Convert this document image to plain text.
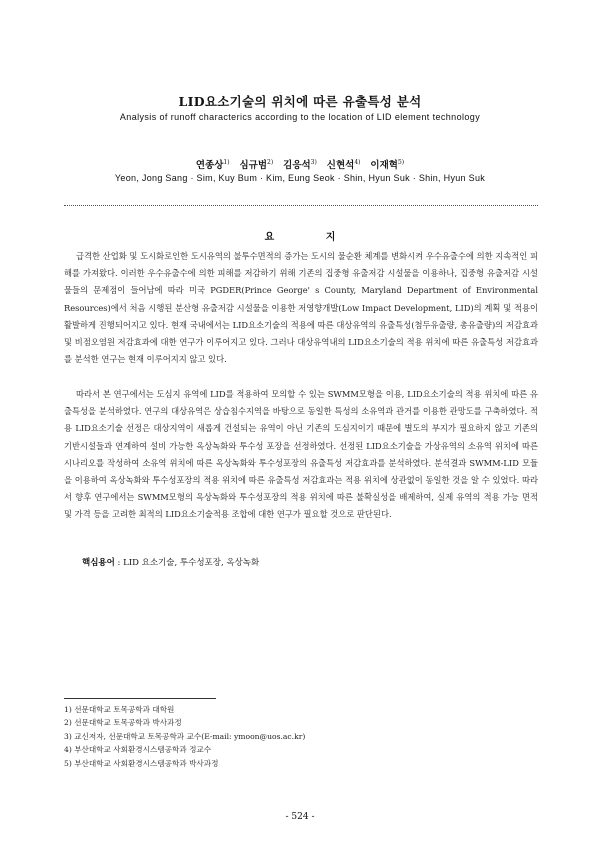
LID요소기술의 위치에 따른 유출특성 분석
Analysis of runoff characterics according to the location of LID element technology
연종상$^{1)}$ 심규범$^{2)}$ 김응석$^{3)}$ 신현석$^{4)}$ 이재혁$^{5)}$
Yeon, Jong Sang · Sim, Kuy Bum · Kim, Eung Seok · Shin, Hyun Suk · Shin, Hyun Suk
요 지
급격한 산업화 및 도시화로인한 도시유역의 불투수면적의 증가는 도시의 물순환 체계를 변화시켜 우수유출수에 의한 지속적인 피해를 가져왔다. 이러한 우수유출수에 의한 피해를 저감하기 위해 기존의 집중형 유출저감 시설물을 이용하나, 집중형 유출저감 시설물들의 문제점이 들어남에 따라 미국 PGDER(Prince George' s County, Maryland Department of Environmental Resources)에서 처음 시행된 분산형 유출저감 시설물을 이용한 저영향개발(Low Impact Development, LID)의 계획 및 적용이 활발하게 진행되어지고 있다. 현재 국내에서는 LID요소기술의 적용에 따른 대상유역의 유출특성(첨두유출량, 총유출량)의 저감효과 및 비점오염원 저감효과에 대한 연구가 이루어지고 있다. 그러나 대상유역내의 LID요소기술의 적용 위치에 따른 유출특성 저감효과를 분석한 연구는 현재 이루어지지 않고 있다.
따라서 본 연구에서는 도심지 유역에 LID를 적용하여 모의할 수 있는 SWMM모형을 이용, LID요소기술의 적용 위치에 따른 유출특성을 분석하였다. 연구의 대상유역은 상습침수지역을 바탕으로 동일한 특성의 소유역과 관거를 이용한 관망도를 구축하였다. 적용 LID요소기술 선정은 대상지역이 새롭게 건설되는 유역이 아닌 기존의 도심지이기 때문에 별도의 부지가 필요하지 않고 기존의 기반시설들과 연계하여 설비 가능한 옥상녹화와 투수성 포장을 선정하였다. 선정된 LID요소기술을 가상유역의 소유역 위치에 따른 시나리오를 작성하여 소유역 위치에 따른 옥상녹화와 투수성포장의 유출특성 저감효과를 분석하였다. 분석결과 SWMM-LID 모듈을 이용하여 옥상녹화와 투수성포장의 적용 위치에 따른 유출특성 저감효과는 적용 위치에 상관없이 동일한 것을 알 수 있었다. 따라서 향후 연구에서는 SWMM모형의 옥상녹화와 투수성포장의 적용 위치에 따른 불확실성을 배제하여, 실제 유역의 적용 가능 면적 및 가격 등을 고려한 최적의 LID요소기술적용 조합에 대한 연구가 필요할 것으로 판단된다.
핵심용어 : LID 요소기술, 투수성포장, 옥상녹화
1) 선문대학교 토목공학과 대학원
2) 선문대학교 토목공학과 박사과정
3) 교신저자, 선문대학교 토목공학과 교수(E-mail: ymoon@uos.ac.kr)
4) 부산대학교 사회환경시스템공학과 정교수
5) 부산대학교 사회환경시스템공학과 박사과정
- 524 -
